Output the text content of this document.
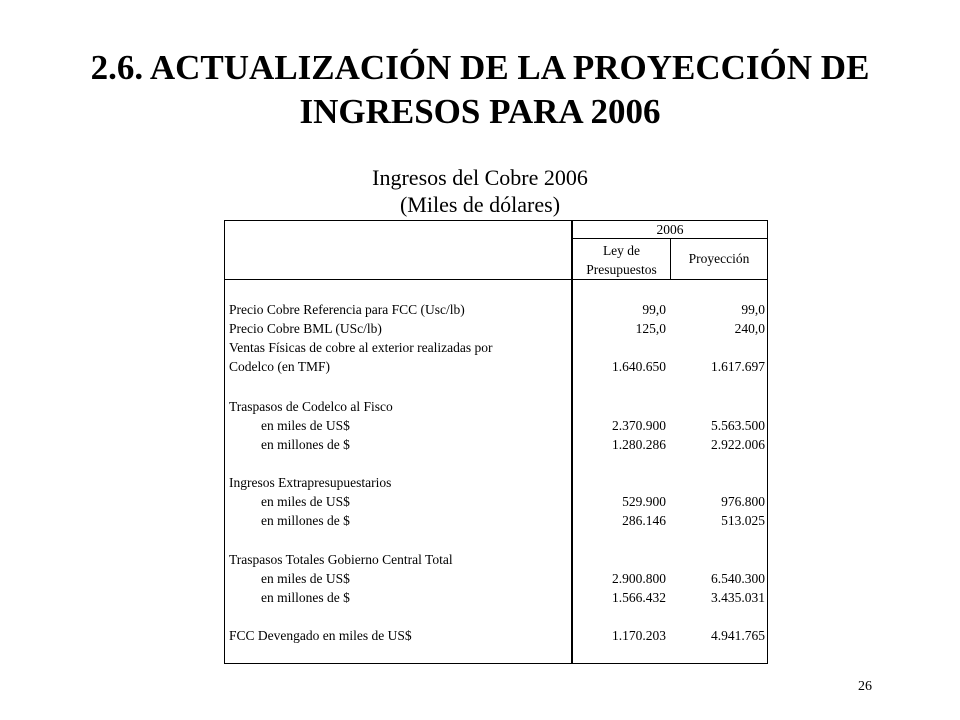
2.6. ACTUALIZACIÓN DE LA PROYECCIÓN DE
INGRESOS PARA 2006
Ingresos del Cobre 2006
(Miles de dólares)
2006
Ley de Presupuestos
Proyección
Precio Cobre Referencia para FCC (Usc/lb)	99,0	99,0
Precio Cobre BML (USc/lb)	125,0	240,0
Ventas Físicas de cobre al exterior realizadas por
Codelco (en TMF)	1.640.650	1.617.697
Traspasos de Codelco al Fisco
en miles de US$	2.370.900	5.563.500
en millones de $	1.280.286	2.922.006
Ingresos Extrapresupuestarios
en miles de US$	529.900	976.800
en millones de $	286.146	513.025
Traspasos Totales Gobierno Central Total
en miles de US$	2.900.800	6.540.300
en millones de $	1.566.432	3.435.031
FCC Devengado en miles de US$	1.170.203	4.941.765
26
